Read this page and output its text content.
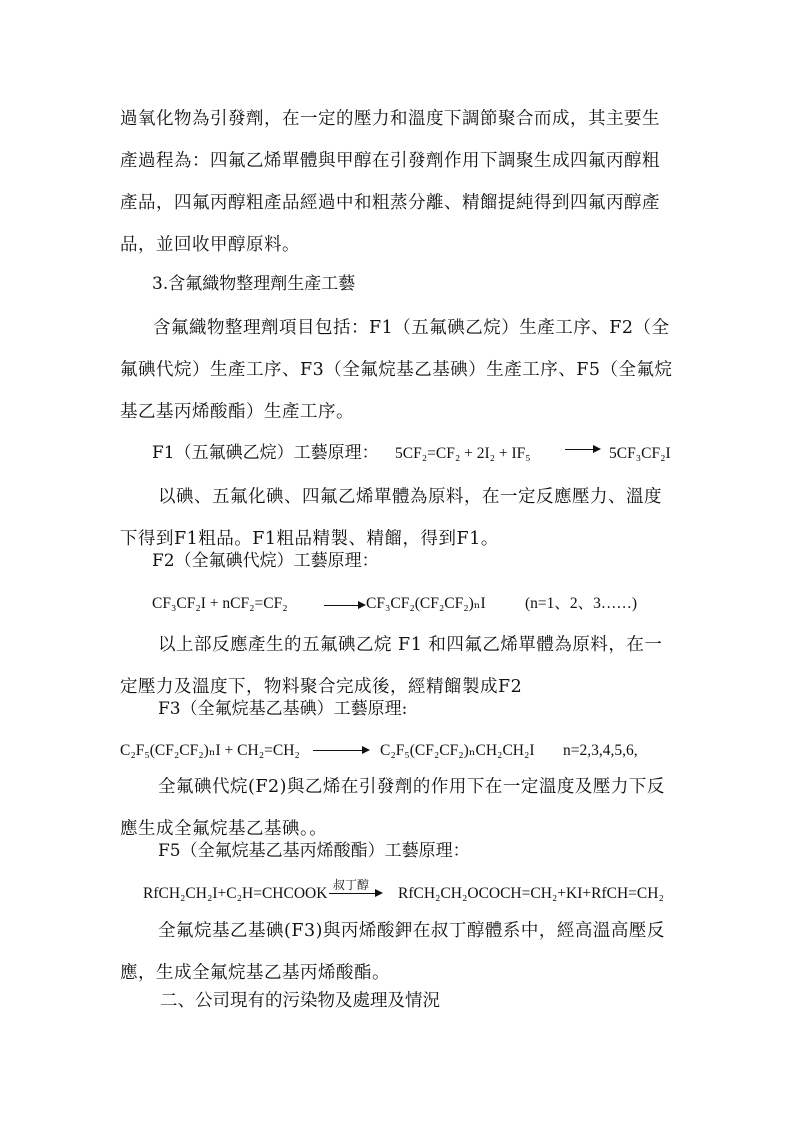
過氧化物為引發劑，在一定的壓力和溫度下調節聚合而成，其主要生產過程為：四氟乙烯單體與甲醇在引發劑作用下調聚生成四氟丙醇粗產品，四氟丙醇粗產品經過中和粗蒸分離、精餾提純得到四氟丙醇產品，並回收甲醇原料。
3.含氟織物整理劑生產工藝
含氟織物整理劑項目包括：F1（五氟碘乙烷）生產工序、F2（全氟碘代烷）生產工序、F3（全氟烷基乙基碘）生產工序、F5（全氟烷基乙基丙烯酸酯）生產工序。
F1（五氟碘乙烷）工藝原理： 5CF₂=CF₂ + 2I₂ + IF₅	5CF₃CF₂I
以碘、五氟化碘、四氟乙烯單體為原料，在一定反應壓力、溫度下得到F1粗品。F1粗品精製、精餾，得到F1。
F2（全氟碘代烷）工藝原理：
CF₃CF₂I + nCF₂=CF₂	CF₃CF₂(CF₂CF₂)ₙI	(n=1、2、3……)
以上部反應產生的五氟碘乙烷 F1 和四氟乙烯單體為原料，在一定壓力及溫度下，物料聚合完成後，經精餾製成F2
F3（全氟烷基乙基碘）工藝原理:
C₂F₅(CF₂CF₂)ₙI + CH₂=CH₂	C₂F₅(CF₂CF₂)ₙCH₂CH₂I n=2,3,4,5,6,
全氟碘代烷(F2)與乙烯在引發劑的作用下在一定溫度及壓力下反應生成全氟烷基乙基碘。。
F5（全氟烷基乙基丙烯酸酯）工藝原理：
RfCH₂CH₂I+C₂H=CHCOOK 叔丁醇 RfCH₂CH₂OCOCH=CH₂+KI+RfCH=CH₂
全氟烷基乙基碘(F3)與丙烯酸鉀在叔丁醇體系中，經高溫高壓反應，生成全氟烷基乙基丙烯酸酯。
二、公司現有的污染物及處理及情況
